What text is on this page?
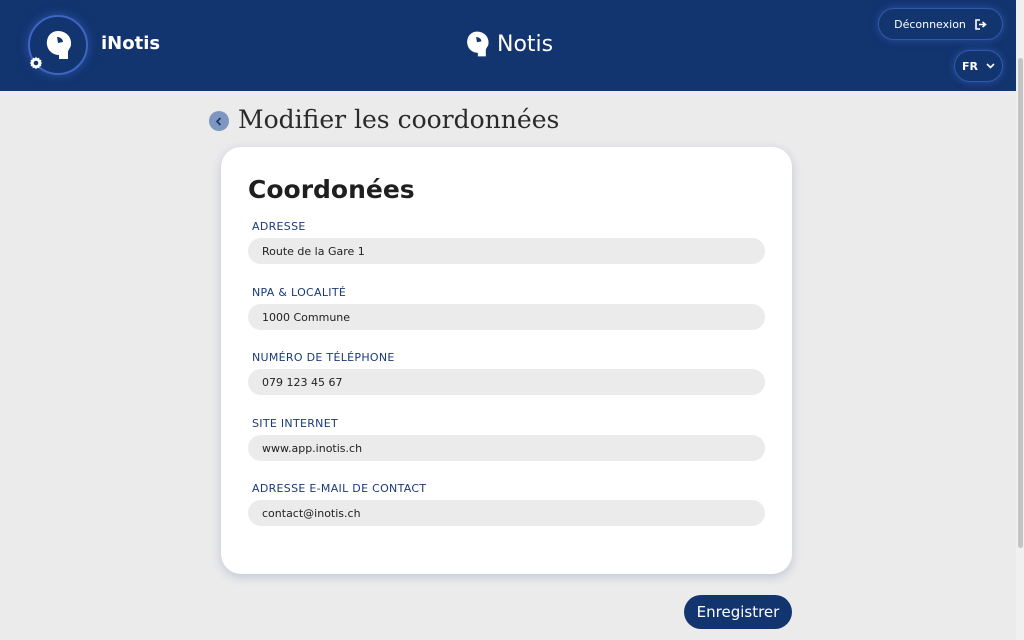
iNotis	Notis
Déconnexion
FR
Modifier les coordonnées
Coordonées
ADRESSE
Route de la Gare 1
NPA & LOCALITÉ
1000 Commune
NUMÉRO DE TÉLÉPHONE
079 123 45 67
SITE INTERNET
www.app.inotis.ch
ADRESSE E-MAIL DE CONTACT
contact@inotis.ch
Enregistrer
